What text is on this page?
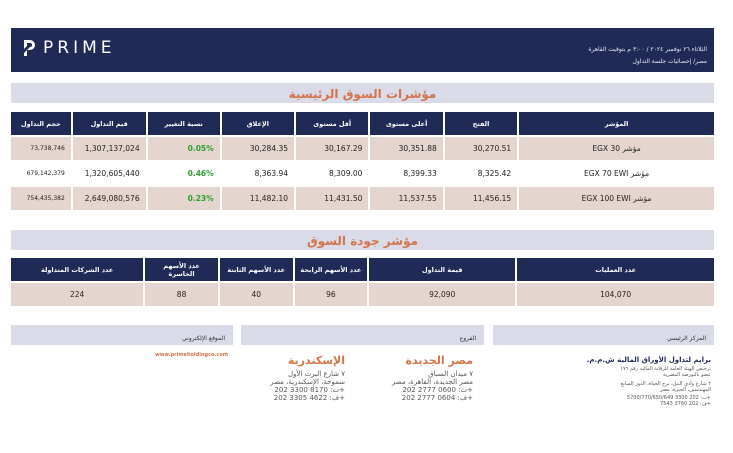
PRIME	الثلاثاء ٢٦ نوفمبر ٢٠٢٤ / ٣:٠٠ م بتوقيت القاهرة
مصر/ إحصائيات جلسة التداول
مؤشرات السوق الرئيسية
المؤشر	الفتح	أعلى مستوى	أقل مستوى	الإغلاق	نسبة التغيير	قيم التداول	حجم التداول
مؤشر EGX 30	30,270.51	30,351.88	30,167.29	30,284.35	0.05%	1,307,137,024	73,738,746
مؤشر EGX 70 EWI	8,325.42	8,399.33	8,309.00	8,363.94	0.46%	1,320,605,440	679,142,379
مؤشر EGX 100 EWI	11,456.15	11,537.55	11,431.50	11,482.10	0.23%	2,649,080,576	754,435,382
مؤشر جودة السوق
عدد العمليات	قيمة التداول	عدد الأسهم الرابحة	عدد الأسهم الثابتة	عدد الأسهم الخاسرة	عدد الشركات المتداولة
104,070	92,090	96	40	88	224
المركز الرئيسي
الفروع
الموقع الإلكتروني
برايم لتداول الأوراق المالية ش.م.م.
ترخيص الهيئة العامة للرقابة المالية رقم ١٧٦
عضو بالبورصة المصرية
٢ شارع وادي النيل، برج الحياة، الدور السابع
المهندسين، الجيزة، مصر
ت: 202 3300 5700/770/650/649+
ف: 202 3760 7543+
مصر الجديدة
٧ ميدان السباق
مصر الجديدة، القاهرة، مصر
ت: 0600 2777 202+
ف: 0604 2777 202+
الإسكندرية
٧ شارع البرت الأول
سموحة، الإسكندرية، مصر
ت: 8170 3300 202+
ف: 4622 3305 202+
www.primeholdingco.com
